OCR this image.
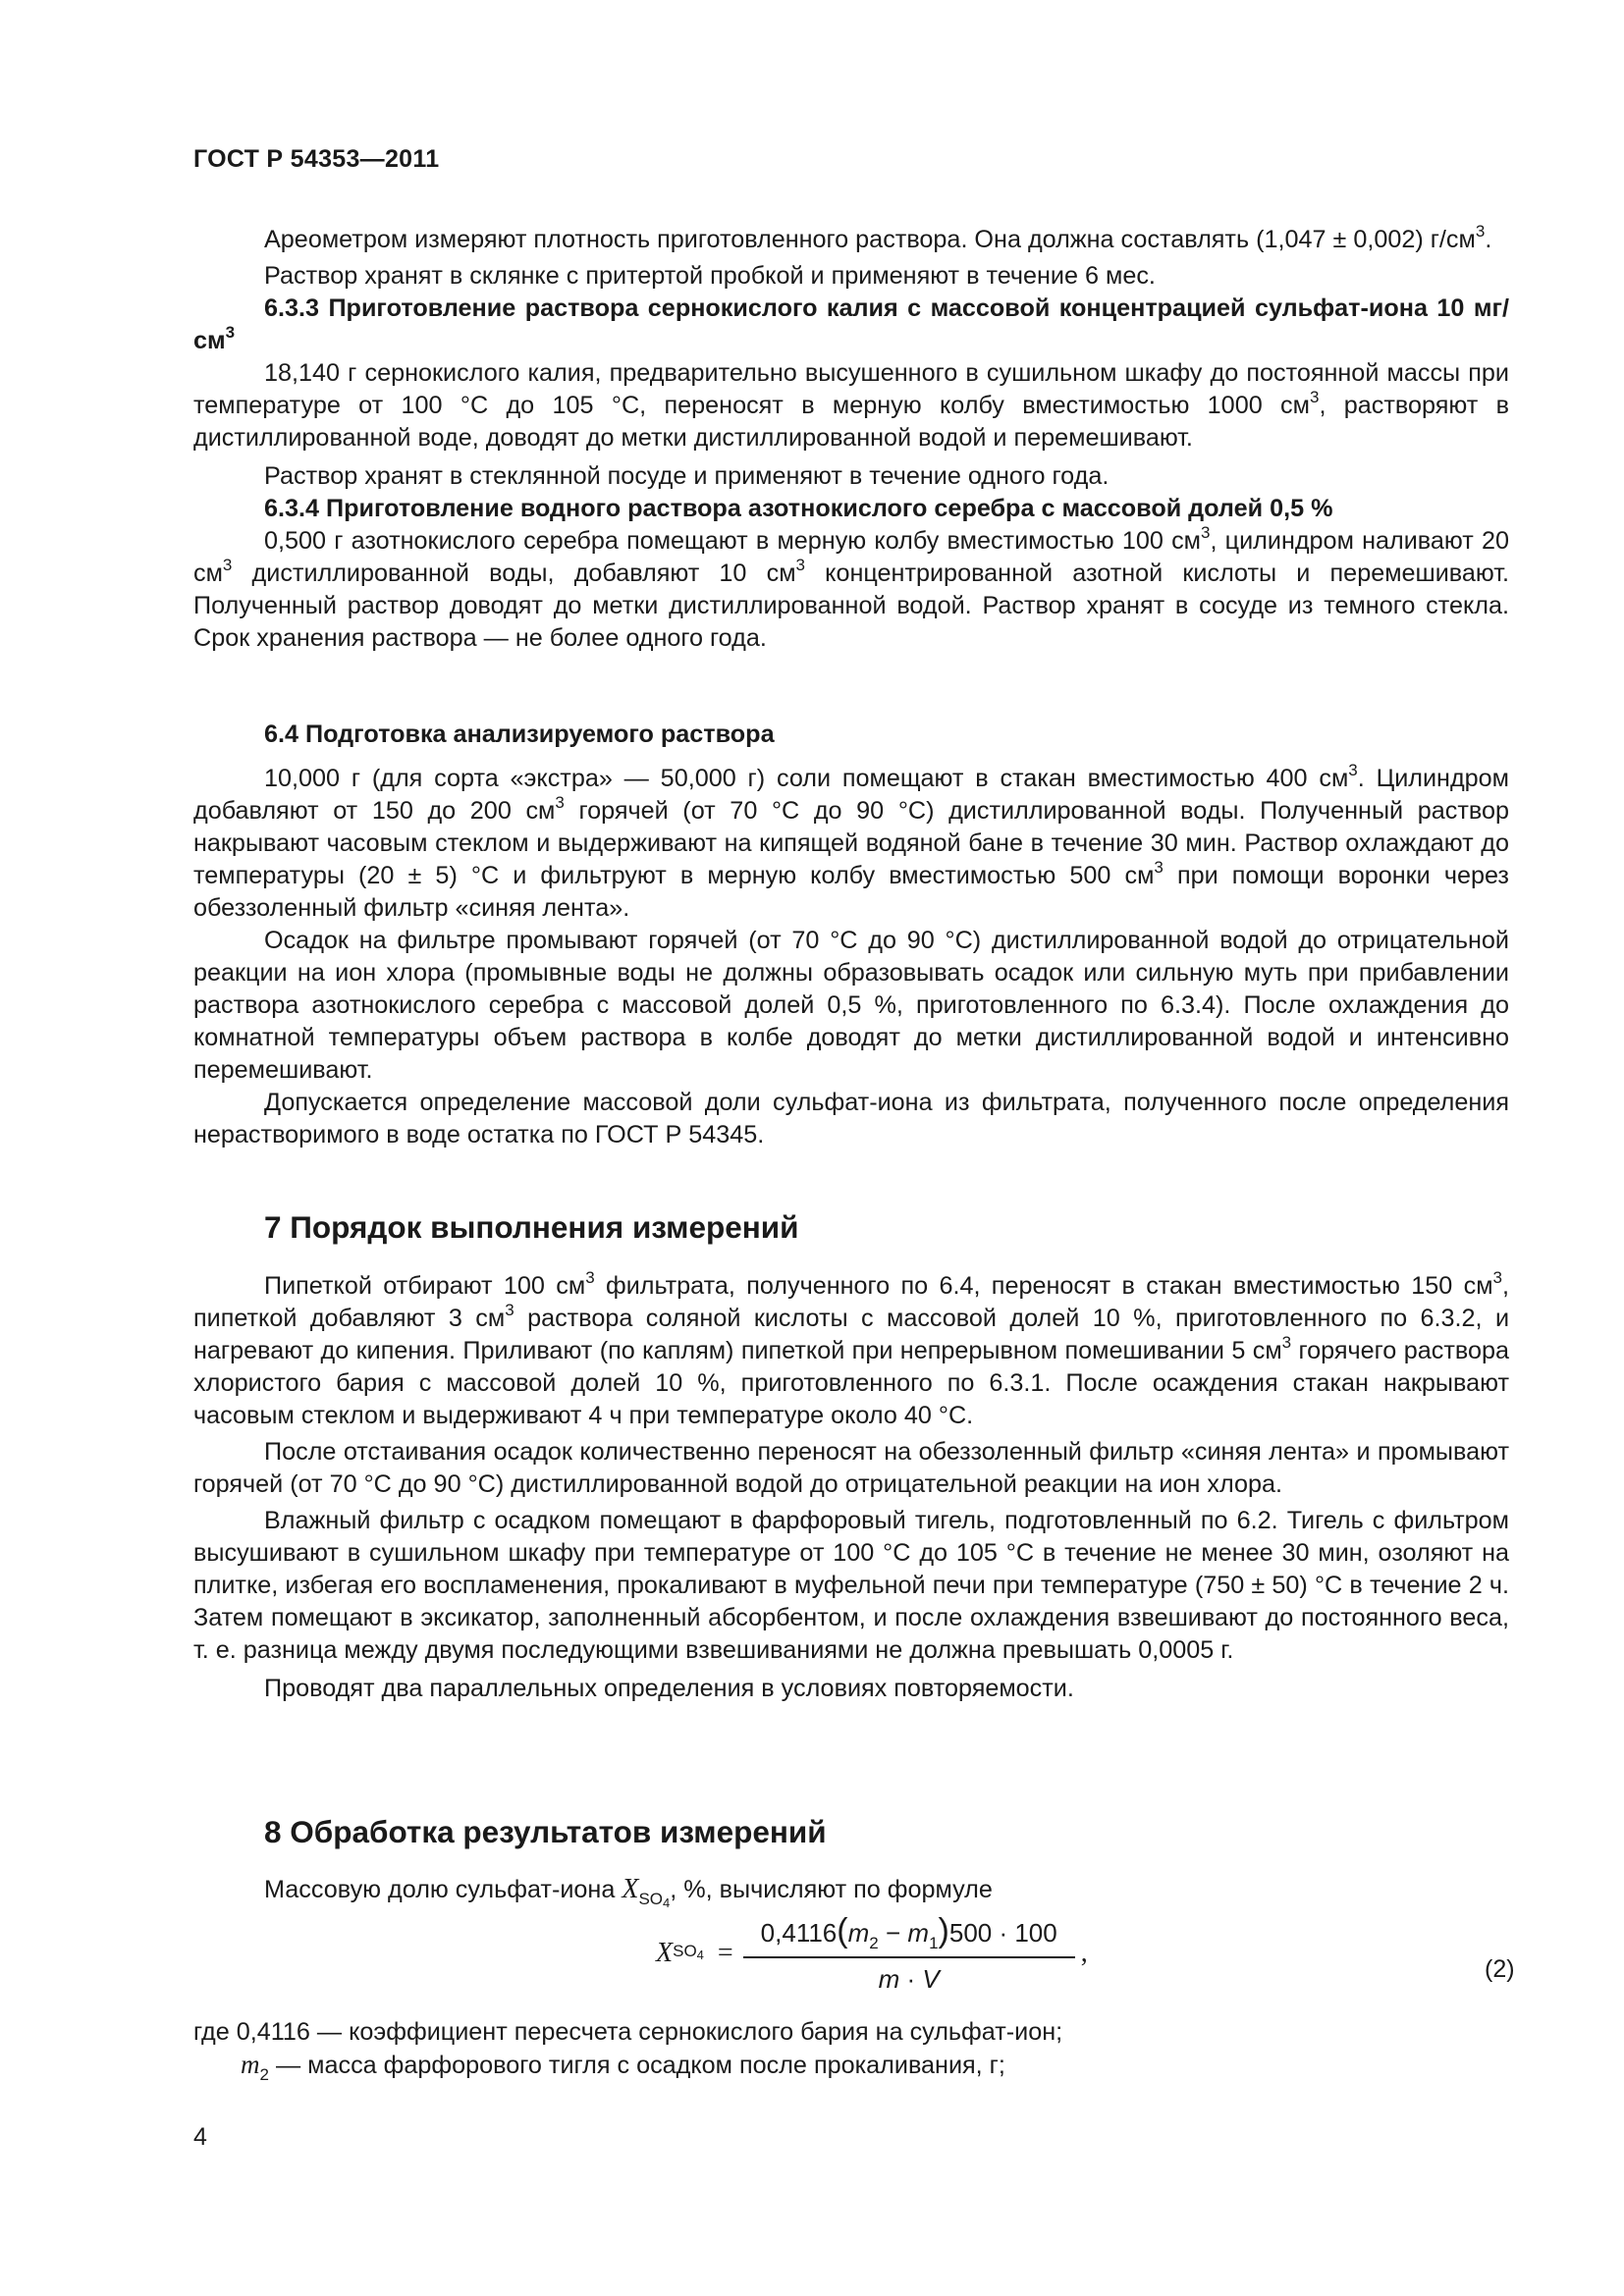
ГОСТ Р 54353—2011

Ареометром измеряют плотность приготовленного раствора. Она должна составлять (1,047 ± 0,002) $г/см^3$.

Раствор хранят в склянке с притертой пробкой и применяют в течение 6 мес.

6.3.3 Приготовление раствора сернокислого калия с массовой концентрацией сульфат-иона 10 $мг/см^3$

18,140 г сернокислого калия, предварительно высушенного в сушильном шкафу до постоянной массы при температуре от 100 °С до 105 °С, переносят в мерную колбу вместимостью 1000 $см^3$, растворяют в дистиллированной воде, доводят до метки дистиллированной водой и перемешивают.

Раствор хранят в стеклянной посуде и применяют в течение одного года.

6.3.4 Приготовление водного раствора азотнокислого серебра с массовой долей 0,5 %

0,500 г азотнокислого серебра помещают в мерную колбу вместимостью 100 $см^3$, цилиндром наливают 20 $см^3$ дистиллированной воды, добавляют 10 $см^3$ концентрированной азотной кислоты и перемешивают. Полученный раствор доводят до метки дистиллированной водой. Раствор хранят в сосуде из темного стекла. Срок хранения раствора — не более одного года.

6.4 Подготовка анализируемого раствора

10,000 г (для сорта «экстра» — 50,000 г) соли помещают в стакан вместимостью 400 $см^3$. Цилиндром добавляют от 150 до 200 $см^3$ горячей (от 70 °С до 90 °С) дистиллированной воды. Полученный раствор накрывают часовым стеклом и выдерживают на кипящей водяной бане в течение 30 мин. Раствор охлаждают до температуры (20 ± 5) °С и фильтруют в мерную колбу вместимостью 500 $см^3$ при помощи воронки через обеззоленный фильтр «синяя лента».

Осадок на фильтре промывают горячей (от 70 °С до 90 °С) дистиллированной водой до отрицательной реакции на ион хлора (промывные воды не должны образовывать осадок или сильную муть при прибавлении раствора азотнокислого серебра с массовой долей 0,5 %, приготовленного по 6.3.4). После охлаждения до комнатной температуры объем раствора в колбе доводят до метки дистиллированной водой и интенсивно перемешивают.

Допускается определение массовой доли сульфат-иона из фильтрата, полученного после определения нерастворимого в воде остатка по ГОСТ Р 54345.

7 Порядок выполнения измерений

Пипеткой отбирают 100 $см^3$ фильтрата, полученного по 6.4, переносят в стакан вместимостью 150 $см^3$, пипеткой добавляют 3 $см^3$ раствора соляной кислоты с массовой долей 10 %, приготовленного по 6.3.2, и нагревают до кипения. Приливают (по каплям) пипеткой при непрерывном помешивании 5 $см^3$ горячего раствора хлористого бария с массовой долей 10 %, приготовленного по 6.3.1. После осаждения стакан накрывают часовым стеклом и выдерживают 4 ч при температуре около 40 °С.

После отстаивания осадок количественно переносят на обеззоленный фильтр «синяя лента» и промывают горячей (от 70 °С до 90 °С) дистиллированной водой до отрицательной реакции на ион хлора.

Влажный фильтр с осадком помещают в фарфоровый тигель, подготовленный по 6.2. Тигель с фильтром высушивают в сушильном шкафу при температуре от 100 °С до 105 °С в течение не менее 30 мин, озоляют на плитке, избегая его воспламенения, прокаливают в муфельной печи при температуре (750 ± 50) °С в течение 2 ч. Затем помещают в эксикатор, заполненный абсорбентом, и после охлаждения взвешивают до постоянного веса, т. е. разница между двумя последующими взвешиваниями не должна превышать 0,0005 г.

Проводят два параллельных определения в условиях повторяемости.

8 Обработка результатов измерений

Массовую долю сульфат-иона $X_{SO_4}$, %, вычисляют по формуле

X $SO_4 = \frac{0,4116(m_2 - m_1)500 \cdot 100}{m \cdot V}$ ,
(2)

где 0,4116 — коэффициент пересчета сернокислого бария на сульфат-ион;

$m_2$ — масса фарфорового тигля с осадком после прокаливания, г;

4
